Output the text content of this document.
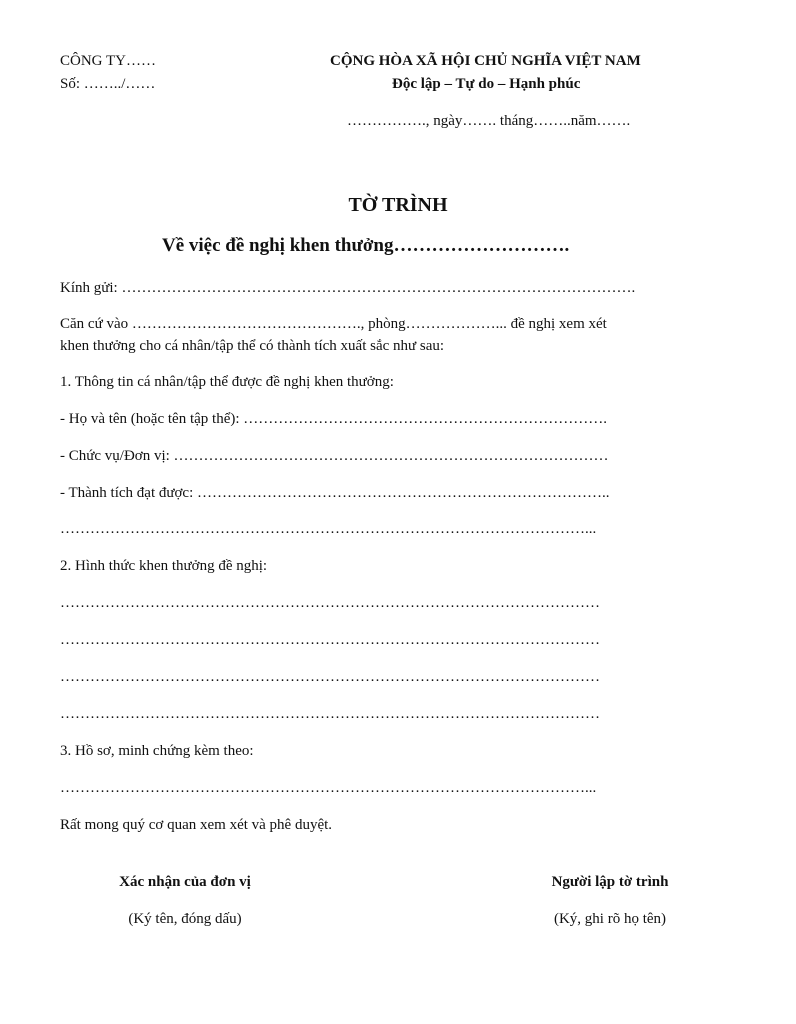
CÔNG TY……
Số: ……../……
CỘNG HÒA XÃ HỘI CHỦ NGHĨA VIỆT NAM
Độc lập – Tự do – Hạnh phúc
……………., ngày……. tháng……..năm…….
TỜ TRÌNH
Về việc đề nghị khen thưởng……………………….
Kính gửi: ………………………………………………………………………………………….
Căn cứ vào ………………………………………., phòng………………... đề nghị xem xét
khen thưởng cho cá nhân/tập thể có thành tích xuất sắc như sau:
1. Thông tin cá nhân/tập thể được đề nghị khen thưởng:
- Họ và tên (hoặc tên tập thể): ……………………………………………………………….
- Chức vụ/Đơn vị: ……………………………………………………………………………
- Thành tích đạt được: ………………………………………………………………………..
……………………………………………………………………………………………...
2. Hình thức khen thưởng đề nghị:
………………………………………………………………………………………………
………………………………………………………………………………………………
………………………………………………………………………………………………
………………………………………………………………………………………………
3. Hồ sơ, minh chứng kèm theo:
……………………………………………………………………………………………...
Rất mong quý cơ quan xem xét và phê duyệt.
Xác nhận của đơn vị
(Ký tên, đóng dấu)
Người lập tờ trình
(Ký, ghi rõ họ tên)
